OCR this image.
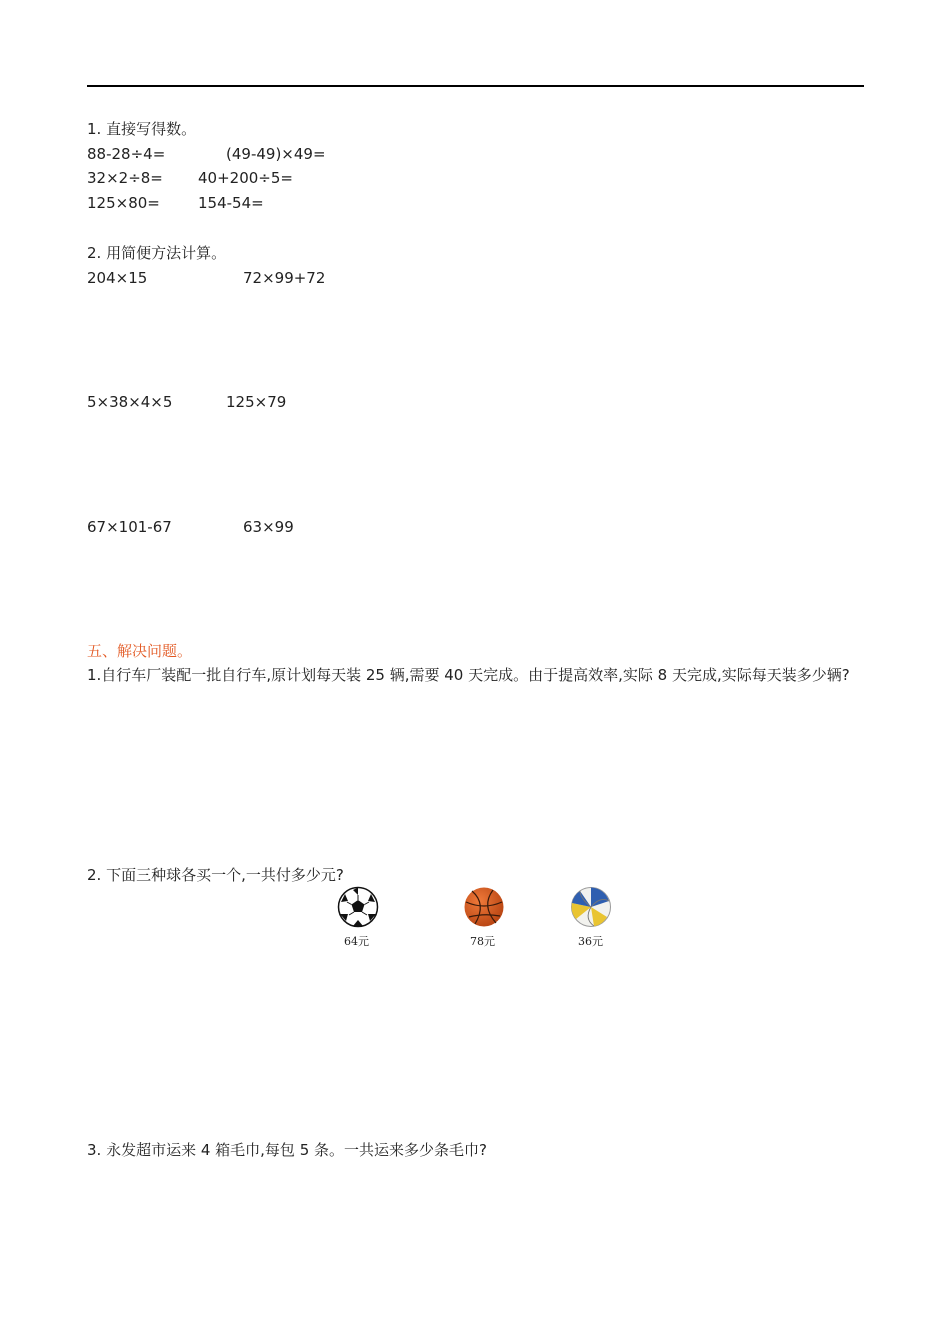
1. 直接写得数。
88-28÷4=	(49-49)×49=
32×2÷8= 40+200÷5=
125×80=	154-54=
2. 用简便方法计算。
204×15	72×99+72
5×38×4×5	125×79
67×101-67	63×99
五、解决问题。
1.自行车厂装配一批自行车,原计划每天装 25 辆,需要 40 天完成。由于提高效率,实际 8 天完成,实际每天装多少辆?
2. 下面三种球各买一个,一共付多少元?
64元	78元	36元
3. 永发超市运来 4 箱毛巾,每包 5 条。一共运来多少条毛巾?
